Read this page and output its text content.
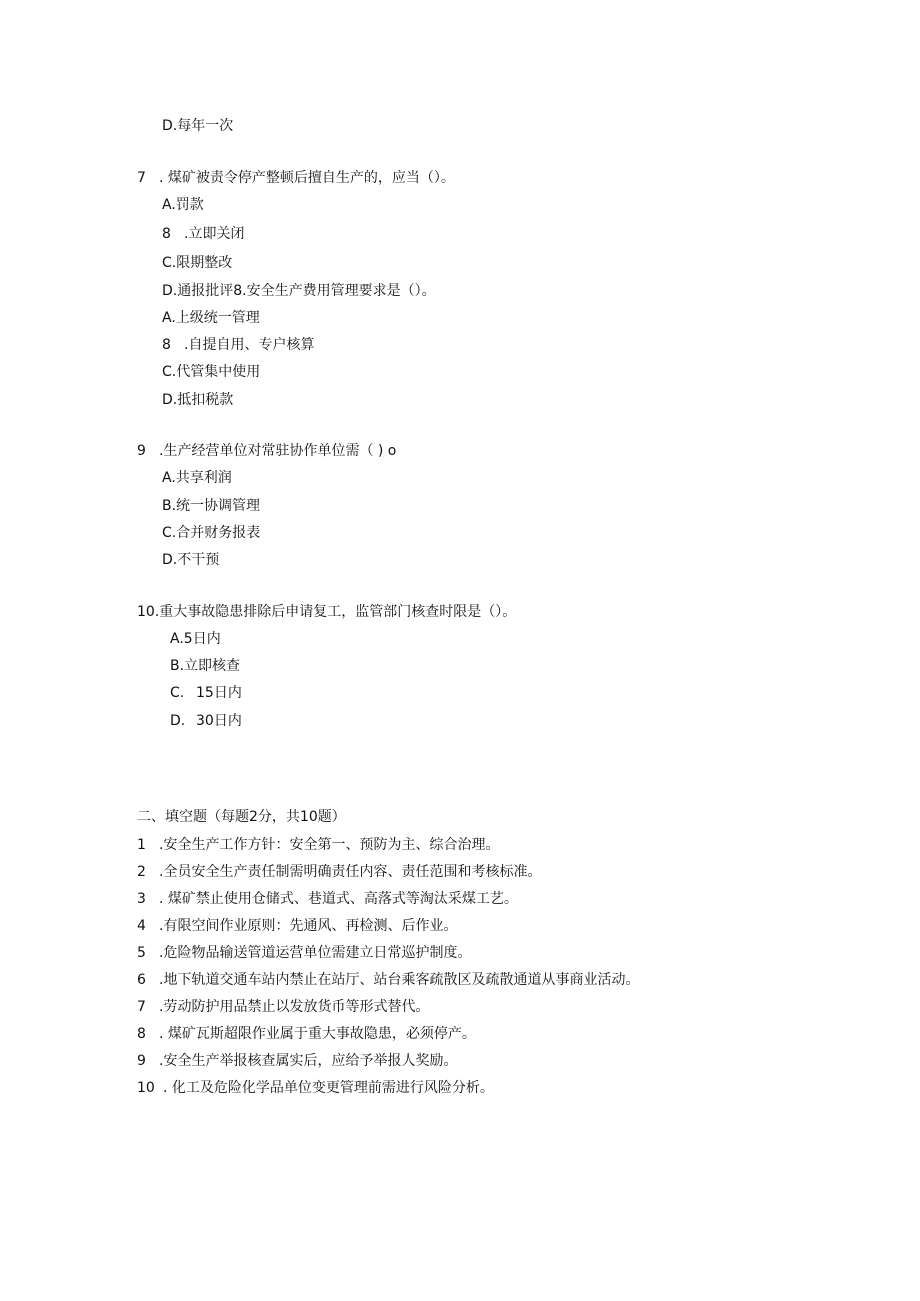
D.每年一次
7 . 煤矿被责令停产整顿后擅自生产的，应当（）。
A.罚款
8 .立即关闭
C.限期整改
D.通报批评8.安全生产费用管理要求是（）。
A.上级统一管理
8 .自提自用、专户核算
C.代管集中使用
D.抵扣税款
9 .生产经营单位对常驻协作单位需（ ) o
A.共享利润
B.统一协调管理
C.合并财务报表
D.不干预
10.重大事故隐患排除后申请复工，监管部门核查时限是（）。
A.5日内
B.立即核查
C. 15日内
D. 30日内
二、填空题（每题2分，共10题）
1 .安全生产工作方针：安全第一、预防为主、综合治理。
2 .全员安全生产责任制需明确责任内容、责任范围和考核标准。
3 . 煤矿禁止使用仓储式、巷道式、高落式等淘汰采煤工艺。
4 .有限空间作业原则：先通风、再检测、后作业。
5 .危险物品输送管道运营单位需建立日常巡护制度。
6 .地下轨道交通车站内禁止在站厅、站台乘客疏散区及疏散通道从事商业活动。
7 .劳动防护用品禁止以发放货币等形式替代。
8 . 煤矿瓦斯超限作业属于重大事故隐患，必须停产。
9 .安全生产举报核查属实后，应给予举报人奖励。
10 . 化工及危险化学品单位变更管理前需进行风险分析。
